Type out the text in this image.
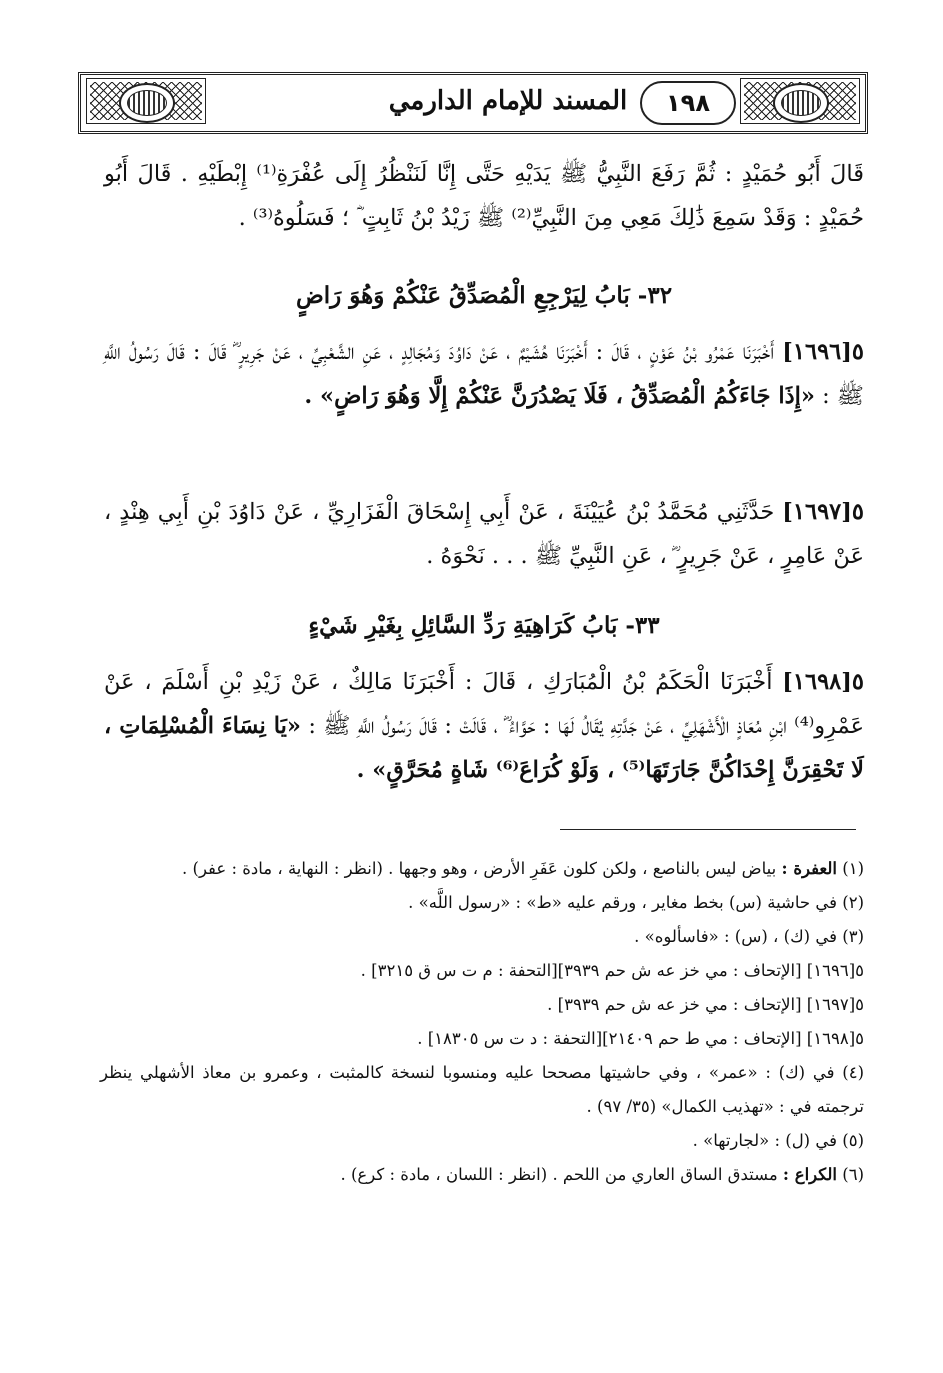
المسند للإمام الدارمي	١٩٨
قَالَ أَبُو حُمَيْدٍ : ثُمَّ رَفَعَ النَّبِيُّ ﷺ يَدَيْهِ حَتَّى إِنَّا لَنَنْظُرُ إِلَى عُفْرَةِ⁽¹⁾ إِبْطَيْهِ . قَالَ أَبُو حُمَيْدٍ : وَقَدْ سَمِعَ ذَٰلِكَ مَعِي مِنَ النَّبِيِّ⁽²⁾ ﷺ زَيْدُ بْنُ ثَابِتٍ ؓ ؛ فَسَلُوهُ⁽³⁾ .
٣٢- بَابُ لِيَرْجِعِ الْمُصَدِّقُ عَنْكُمْ وَهُوَ رَاضٍ
٥[١٦٩٦] أَخْبَرَنَا عَمْرُو بْنُ عَوْنٍ ، قَالَ : أَخْبَرَنَا هُشَيْمٌ ، عَنْ دَاوُدَ وَمُجَالِدٍ ، عَنِ الشَّعْبِيِّ ، عَنْ جَرِيرٍ ؓ قَالَ : قَالَ رَسُولُ اللَّهِ ﷺ : «إِذَا جَاءَكُمُ الْمُصَدِّقُ ، فَلَا يَصْدُرَنَّ عَنْكُمْ إِلَّا وَهُوَ رَاضٍ» .
٥[١٦٩٧] حَدَّثَنِي مُحَمَّدُ بْنُ عُيَيْنَةَ ، عَنْ أَبِي إِسْحَاقَ الْفَزَارِيِّ ، عَنْ دَاوُدَ بْنِ أَبِي هِنْدٍ ، عَنْ عَامِرٍ ، عَنْ جَرِيرٍ ؓ ، عَنِ النَّبِيِّ ﷺ . . . نَحْوَهُ .
٣٣- بَابُ كَرَاهِيَةِ رَدِّ السَّائِلِ بِغَيْرِ شَيْءٍ
٥[١٦٩٨] أَخْبَرَنَا الْحَكَمُ بْنُ الْمُبَارَكِ ، قَالَ : أَخْبَرَنَا مَالِكٌ ، عَنْ زَيْدِ بْنِ أَسْلَمَ ، عَنْ عَمْرِو⁽⁴⁾ ابْنِ مُعَاذٍ الْأَشْهَلِيِّ ، عَنْ جَدَّتِهِ يُقَالُ لَهَا : حَوَّاءُ ؓ ، قَالَتْ : قَالَ رَسُولُ اللَّهِ ﷺ : «يَا نِسَاءَ الْمُسْلِمَاتِ ، لَا تَحْقِرَنَّ إِحْدَاكُنَّ جَارَتَهَا⁽⁵⁾ ، وَلَوْ كُرَاعَ⁽⁶⁾ شَاةٍ مُحَرَّقٍ» .
(١) العفرة : بياض ليس بالناصع ، ولكن كلون عَفَرِ الأرض ، وهو وجهها . (انظر : النهاية ، مادة : عفر) .
(٢) في حاشية (س) بخط مغاير ، ورقم عليه «ط» : «رسول اللَّه» .
(٣) في (ك) ، (س) : «فاسألوه» .
٥[١٦٩٦] [الإتحاف : مي خز عه ش حم ٣٩٣٩][التحفة : م ت س ق ٣٢١٥] .
٥[١٦٩٧] [الإتحاف : مي خز عه ش حم ٣٩٣٩] .
٥[١٦٩٨] [الإتحاف : مي ط حم ٢١٤٠٩][التحفة : د ت س ١٨٣٠٥] .
(٤) في (ك) : «عمر» ، وفي حاشيتها مصححا عليه ومنسوبا لنسخة كالمثبت ، وعمرو بن معاذ الأشهلي ينظر ترجمته في : «تهذيب الكمال» (٣٥/ ٩٧) .
(٥) في (ل) : «لجارتها» .
(٦) الكراع : مستدق الساق العاري من اللحم . (انظر : اللسان ، مادة : كرع) .
